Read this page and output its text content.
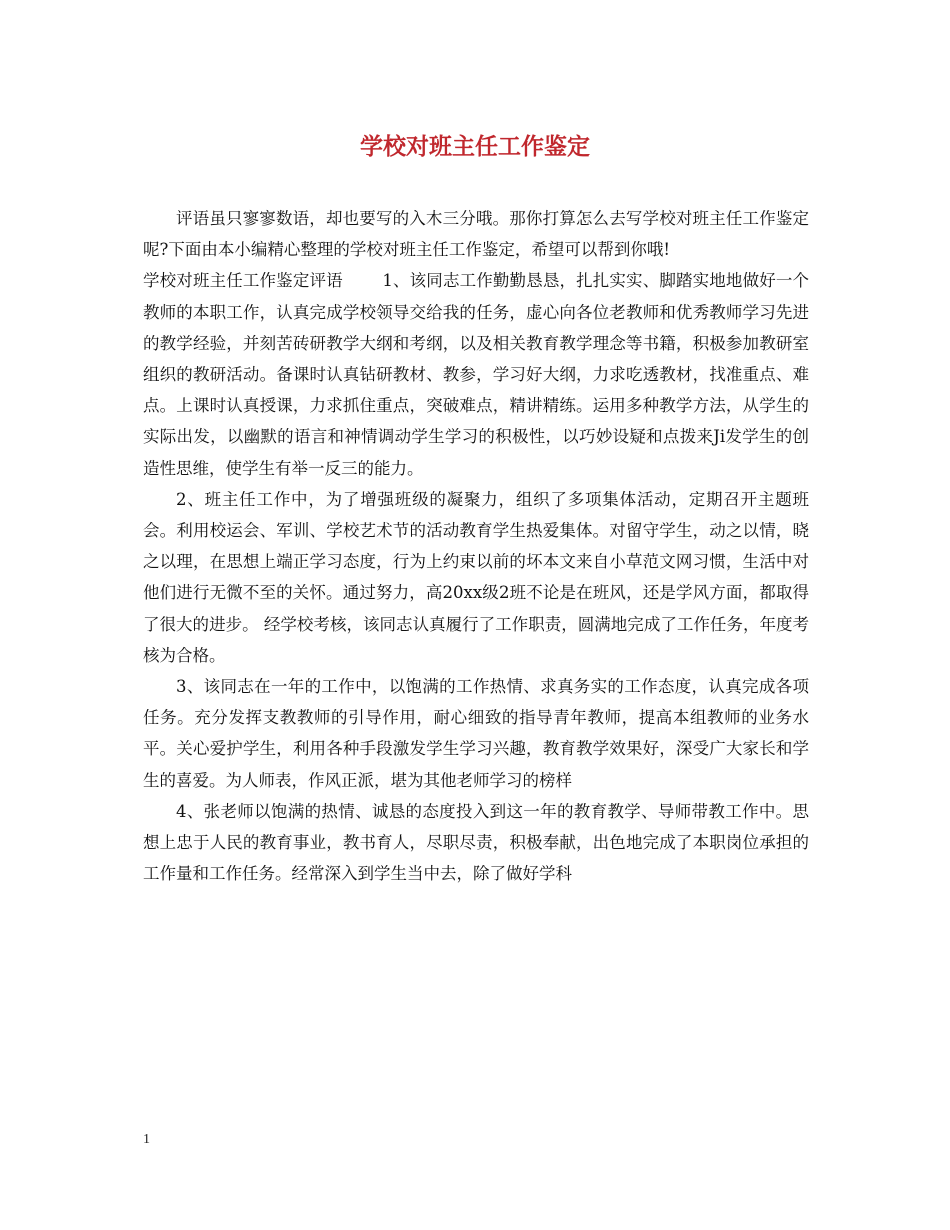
学校对班主任工作鉴定

评语虽只寥寥数语，却也要写的入木三分哦。那你打算怎么去写学校对班主任工作鉴定呢?下面由本小编精心整理的学校对班主任工作鉴定，希望可以帮到你哦!

学校对班主任工作鉴定评语 1、该同志工作勤勤恳恳，扎扎实实、脚踏实地地做好一个教师的本职工作，认真完成学校领导交给我的任务，虚心向各位老教师和优秀教师学习先进的教学经验，并刻苦砖研教学大纲和考纲，以及相关教育教学理念等书籍，积极参加教研室组织的教研活动。备课时认真钻研教材、教参，学习好大纲，力求吃透教材，找准重点、难点。上课时认真授课，力求抓住重点，突破难点，精讲精练。运用多种教学方法，从学生的实际出发，以幽默的语言和神情调动学生学习的积极性，以巧妙设疑和点拨来Ji发学生的创造性思维，使学生有举一反三的能力。

2、班主任工作中，为了增强班级的凝聚力，组织了多项集体活动，定期召开主题班会。利用校运会、军训、学校艺术节的活动教育学生热爱集体。对留守学生，动之以情，晓之以理，在思想上端正学习态度，行为上约束以前的坏本文来自小草范文网习惯，生活中对他们进行无微不至的关怀。通过努力，高20xx级2班不论是在班风，还是学风方面，都取得了很大的进步。 经学校考核，该同志认真履行了工作职责，圆满地完成了工作任务，年度考核为合格。

3、该同志在一年的工作中，以饱满的工作热情、求真务实的工作态度，认真完成各项任务。充分发挥支教教师的引导作用，耐心细致的指导青年教师，提高本组教师的业务水平。关心爱护学生，利用各种手段激发学生学习兴趣，教育教学效果好，深受广大家长和学生的喜爱。为人师表，作风正派，堪为其他老师学习的榜样

4、张老师以饱满的热情、诚恳的态度投入到这一年的教育教学、导师带教工作中。思想上忠于人民的教育事业，教书育人，尽职尽责，积极奉献，出色地完成了本职岗位承担的工作量和工作任务。经常深入到学生当中去，除了做好学科

1
